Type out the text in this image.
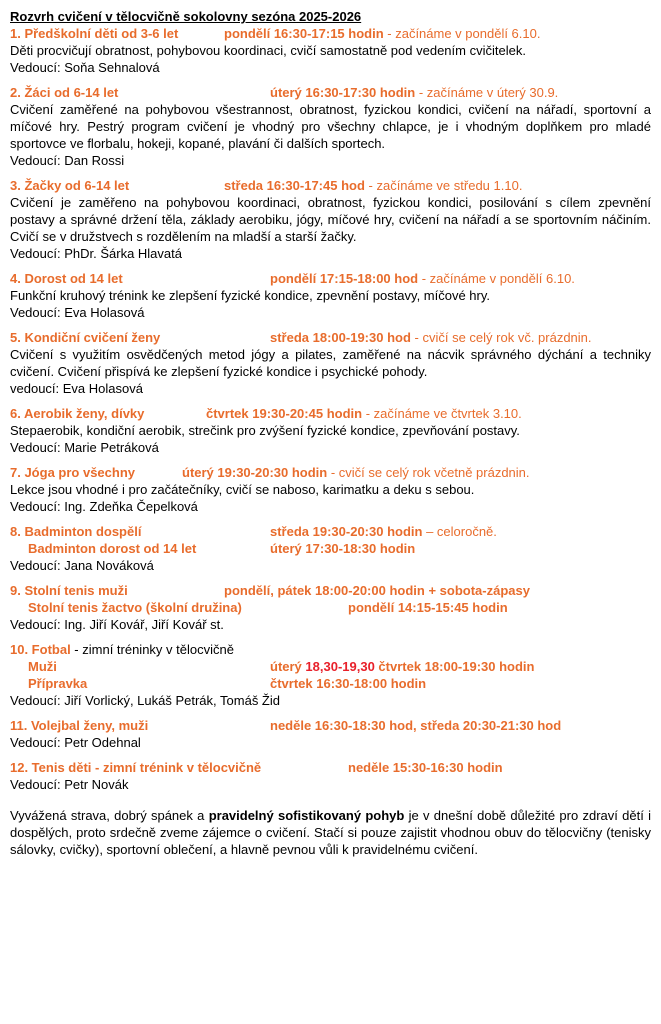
Rozvrh cvičení v tělocvičně sokolovny sezóna 2025-2026
1. Předškolní děti od 3-6 let	pondělí 16:30-17:15 hodin - začínáme v pondělí 6.10.
Děti procvičují obratnost, pohybovou koordinaci, cvičí samostatně pod vedením cvičitelek.
Vedoucí: Soňa Sehnalová
2. Žáci od 6-14 let	úterý 16:30-17:30 hodin - začínáme v úterý 30.9.
Cvičení zaměřené na pohybovou všestrannost, obratnost, fyzickou kondici, cvičení na nářadí, sportovní a míčové hry. Pestrý program cvičení je vhodný pro všechny chlapce, je i vhodným doplňkem pro mladé sportovce ve florbalu, hokeji, kopané, plavání či dalších sportech.
Vedoucí: Dan Rossi
3. Žačky od 6-14 let	středa 16:30-17:45 hod - začínáme ve středu 1.10.
Cvičení je zaměřeno na pohybovou koordinaci, obratnost, fyzickou kondici, posilování s cílem zpevnění postavy a správné držení těla, základy aerobiku, jógy, míčové hry, cvičení na nářadí a se sportovním náčiním. Cvičí se v družstvech s rozdělením na mladší a starší žačky.
Vedoucí: PhDr. Šárka Hlavatá
4. Dorost od 14 let	pondělí 17:15-18:00 hod - začínáme v pondělí 6.10.
Funkční kruhový trénink ke zlepšení fyzické kondice, zpevnění postavy, míčové hry.
Vedoucí: Eva Holasová
5. Kondiční cvičení ženy	středa 18:00-19:30 hod - cvičí se celý rok vč. prázdnin.
Cvičení s využitím osvědčených metod jógy a pilates, zaměřené na nácvik správného dýchání a techniky cvičení. Cvičení přispívá ke zlepšení fyzické kondice i psychické pohody.
vedoucí: Eva Holasová
6. Aerobik ženy, dívky	čtvrtek 19:30-20:45 hodin - začínáme ve čtvrtek 3.10.
Stepaerobik, kondiční aerobik, strečink pro zvýšení fyzické kondice, zpevňování postavy.
Vedoucí: Marie Petráková
7. Jóga pro všechny	úterý 19:30-20:30 hodin - cvičí se celý rok včetně prázdnin.
Lekce jsou vhodné i pro začátečníky, cvičí se naboso, karimatku a deku s sebou.
Vedoucí: Ing. Zdeňka Čepelková
8. Badminton dospělí	středa 19:30-20:30 hodin – celoročně.
Badminton dorost od 14 let	úterý 17:30-18:30 hodin
Vedoucí: Jana Nováková
9. Stolní tenis muži	pondělí, pátek 18:00-20:00 hodin + sobota-zápasy
Stolní tenis žactvo (školní družina)	pondělí 14:15-15:45 hodin
Vedoucí: Ing. Jiří Kovář, Jiří Kovář st.
10. Fotbal - zimní tréninky v tělocvičně
Muži	úterý 18,30-19,30 čtvrtek 18:00-19:30 hodin
Přípravka	čtvrtek 16:30-18:00 hodin
Vedoucí: Jiří Vorlický, Lukáš Petrák, Tomáš Žid
11. Volejbal ženy, muži	neděle 16:30-18:30 hod, středa 20:30-21:30 hod
Vedoucí: Petr Odehnal
12. Tenis děti - zimní trénink v tělocvičně	neděle 15:30-16:30 hodin
Vedoucí: Petr Novák
Vyvážená strava, dobrý spánek a pravidelný sofistikovaný pohyb je v dnešní době důležité pro zdraví dětí i dospělých, proto srdečně zveme zájemce o cvičení. Stačí si pouze zajistit vhodnou obuv do tělocvičny (tenisky sálovky, cvičky), sportovní oblečení, a hlavně pevnou vůli k pravidelnému cvičení.
